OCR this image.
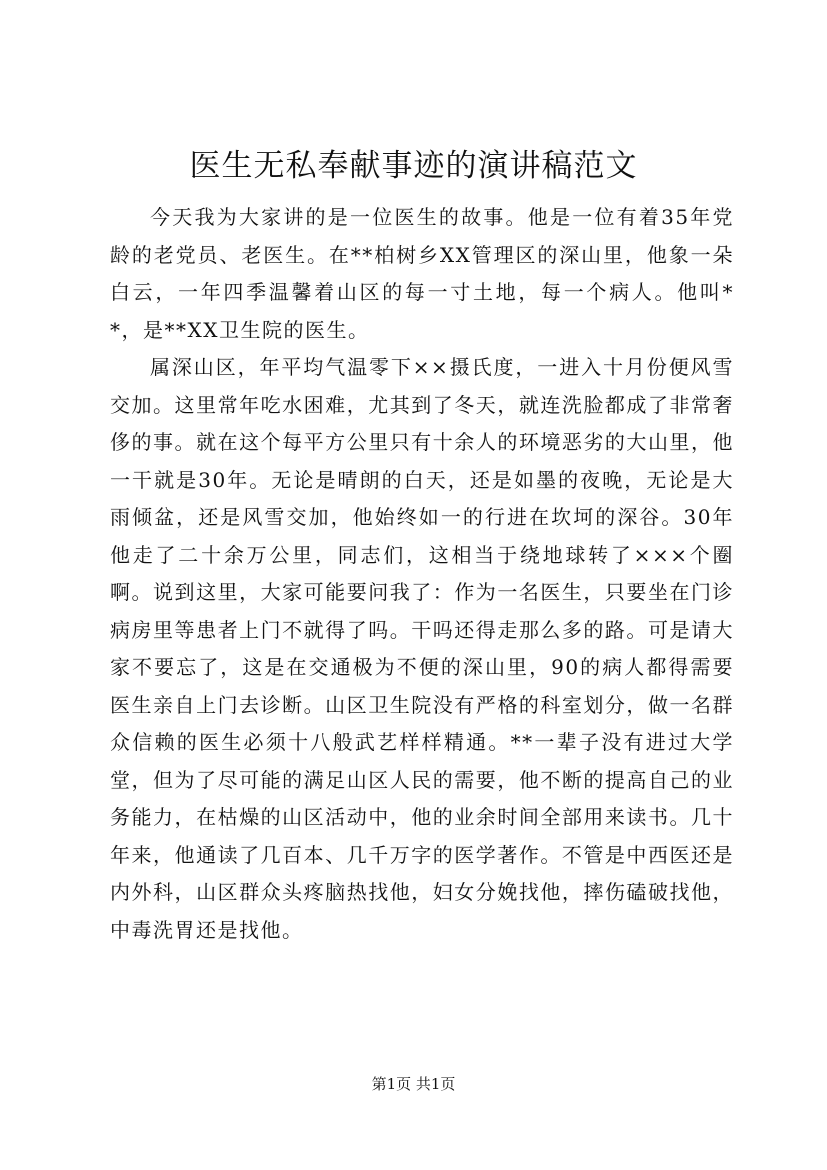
医生无私奉献事迹的演讲稿范文

今天我为大家讲的是一位医生的故事。他是一位有着35年党龄的老党员、老医生。在**柏树乡XX管理区的深山里，他象一朵白云，一年四季温馨着山区的每一寸土地，每一个病人。他叫**，是**XX卫生院的医生。

属深山区，年平均气温零下××摄氏度，一进入十月份便风雪交加。这里常年吃水困难，尤其到了冬天，就连洗脸都成了非常奢侈的事。就在这个每平方公里只有十余人的环境恶劣的大山里，他一干就是30年。无论是晴朗的白天，还是如墨的夜晚，无论是大雨倾盆，还是风雪交加，他始终如一的行进在坎坷的深谷。30年他走了二十余万公里，同志们，这相当于绕地球转了×××个圈啊。说到这里，大家可能要问我了：作为一名医生，只要坐在门诊病房里等患者上门不就得了吗。干吗还得走那么多的路。可是请大家不要忘了，这是在交通极为不便的深山里，90的病人都得需要医生亲自上门去诊断。山区卫生院没有严格的科室划分，做一名群众信赖的医生必须十八般武艺样样精通。**一辈子没有进过大学堂，但为了尽可能的满足山区人民的需要，他不断的提高自己的业务能力，在枯燥的山区活动中，他的业余时间全部用来读书。几十年来，他通读了几百本、几千万字的医学著作。不管是中西医还是内外科，山区群众头疼脑热找他，妇女分娩找他，摔伤磕破找他，中毒洗胃还是找他。

第1页 共1页
